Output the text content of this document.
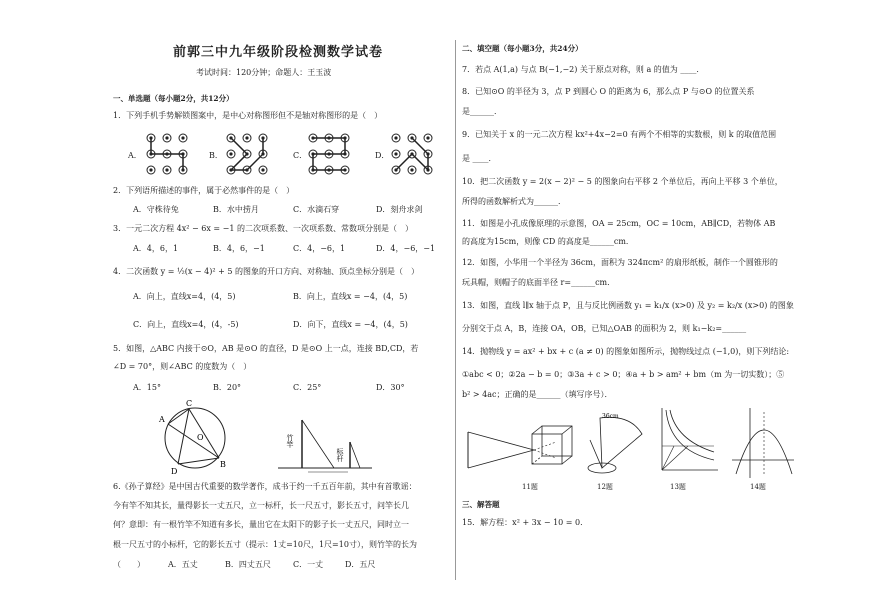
前郭三中九年级阶段检测数学试卷
考试时间：120分钟；命题人：王玉波
一、单选题（每小题2分，共12分）
1．下列手机手势解锁图案中，是中心对称图形但不是轴对称图形的是（　）
A．	B．	C．	D．
2．下列语所描述的事件，属于必然事件的是（　）
A．守株待兔	B．水中捞月	C．水滴石穿	D．刻舟求剑
3．一元二次方程 4x² − 6x = −1 的二次项系数、一次项系数、常数项分别是（　）
A．4，6，1	B．4，6，−1	C．4，−6，1	D．4，−6，−1
4．二次函数 y = ½(x − 4)² + 5 的图象的开口方向、对称轴、顶点坐标分别是（　）
A．向上，直线x=4，(4，5)	B．向上，直线x = −4，(4，5)
C．向上，直线x=4，(4，-5)	D．向下，直线x = −4，(4，5)
5．如图，△ABC 内接于⊙O，AB 是⊙O 的直径，D 是⊙O 上一点，连接 BD,CD，若
∠D = 70°，则∠ABC 的度数为（　）
A．15°	B．20°	C．25°	D．30°
A
C
B
D
O	竹竿
标杆
6.《孙子算经》是中国古代重要的数学著作，成书于约一千五百年前，其中有首歌谣：
今有竿不知其长，量得影长一丈五尺，立一标杆，长一尺五寸，影长五寸，问竿长几
何？意即：有一根竹竿不知道有多长，量出它在太阳下的影子长一丈五尺，同时立一
根一尺五寸的小标杆，它的影长五寸（提示：1丈=10尺，1尺=10寸），则竹竿的长为
（　　）	A．五丈	B．四丈五尺	C．一丈	D．五尺
二、填空题（每小题3分，共24分）
7．若点 A(1,a) 与点 B(−1,−2) 关于原点对称，则 a 的值为 ____．
8．已知⊙O 的半径为 3，点 P 到圆心 O 的距离为 6，那么点 P 与⊙O 的位置关系
是______．
9．已知关于 x 的一元二次方程 kx²+4x−2=0 有两个不相等的实数根，则 k 的取值范围
是 ____．
10．把二次函数 y = 2(x − 2)² − 5 的图象向右平移 2 个单位后，再向上平移 3 个单位，
所得的函数解析式为______．
11．如图是小孔成像原理的示意图，OA = 25cm，OC = 10cm，AB∥CD，若物体 AB
的高度为15cm，则像 CD 的高度是______cm．
12．如图，小华用一个半径为 36cm，面积为 324πcm² 的扇形纸板，制作一个圆锥形的
玩具帽，则帽子的底面半径 r=______cm．
13．如图，直线 l∥x 轴于点 P，且与反比例函数 y₁ = k₁/x (x>0) 及 y₂ = k₂/x (x>0) 的图象
分别交于点 A，B，连接 OA，OB，已知△OAB 的面积为 2，则 k₁−k₂=______
14．抛物线 y = ax² + bx + c (a ≠ 0) 的图象如图所示，抛物线过点 (−1,0)，则下列结论:
①abc < 0；②2a − b = 0；③3a + c > 0；④a + b > am² + bm（m 为一切实数）；⑤
b² > 4ac；正确的是______（填写序号）．
11题
36cm
12题	13题	14题
三、解答题
15．解方程：x² + 3x − 10 = 0．
